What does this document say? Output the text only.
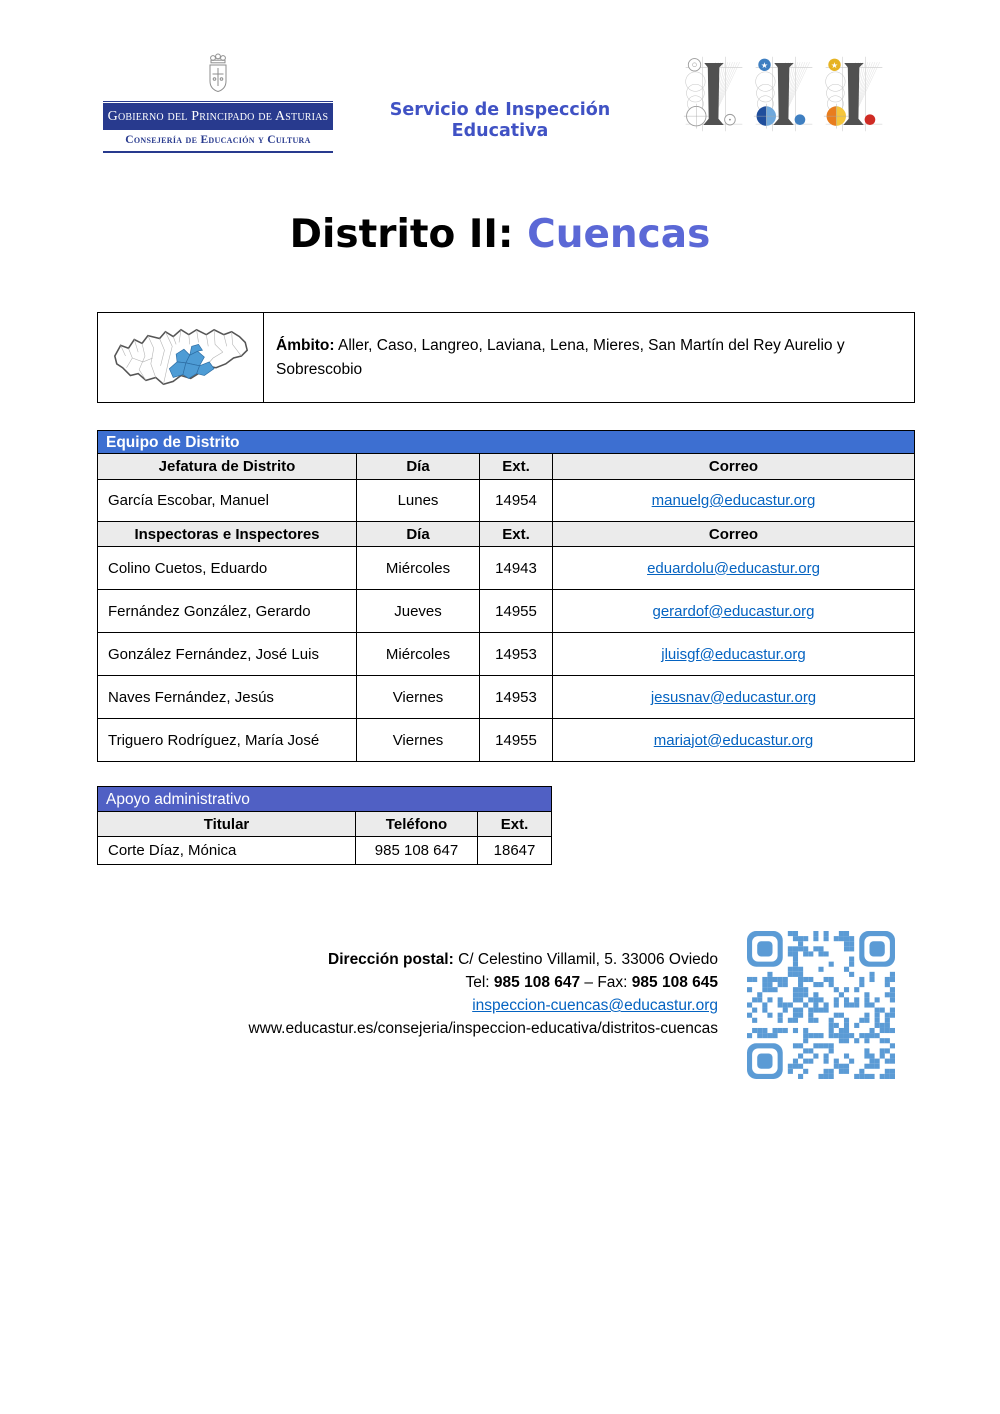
Gobierno del Principado de Asturias
Consejería de Educación y Cultura
Servicio de Inspección
Educativa
★	★
Distrito II: Cuencas

Ámbito: Aller, Caso, Langreo, Laviana, Lena, Mieres, San Martín del Rey Aurelio y Sobrescobio

Equipo de Distrito
Jefatura de Distrito	Día	Ext.	Correo
García Escobar, Manuel	Lunes	14954	manuelg@educastur.org
Inspectoras e Inspectores	Día	Ext.	Correo
Colino Cuetos, Eduardo	Miércoles	14943	eduardolu@educastur.org
Fernández González, Gerardo	Jueves	14955	gerardof@educastur.org
González Fernández, José Luis	Miércoles	14953	jluisgf@educastur.org
Naves Fernández, Jesús	Viernes	14953	jesusnav@educastur.org
Triguero Rodríguez, María José	Viernes	14955	mariajot@educastur.org
Apoyo administrativo
Titular	Teléfono	Ext.
Corte Díaz, Mónica	985 108 647	18647
Dirección postal: C/ Celestino Villamil, 5. 33006 Oviedo
Tel: 985 108 647 – Fax: 985 108 645
inspeccion-cuencas@educastur.org
www.educastur.es/consejeria/inspeccion-educativa/distritos-cuencas
